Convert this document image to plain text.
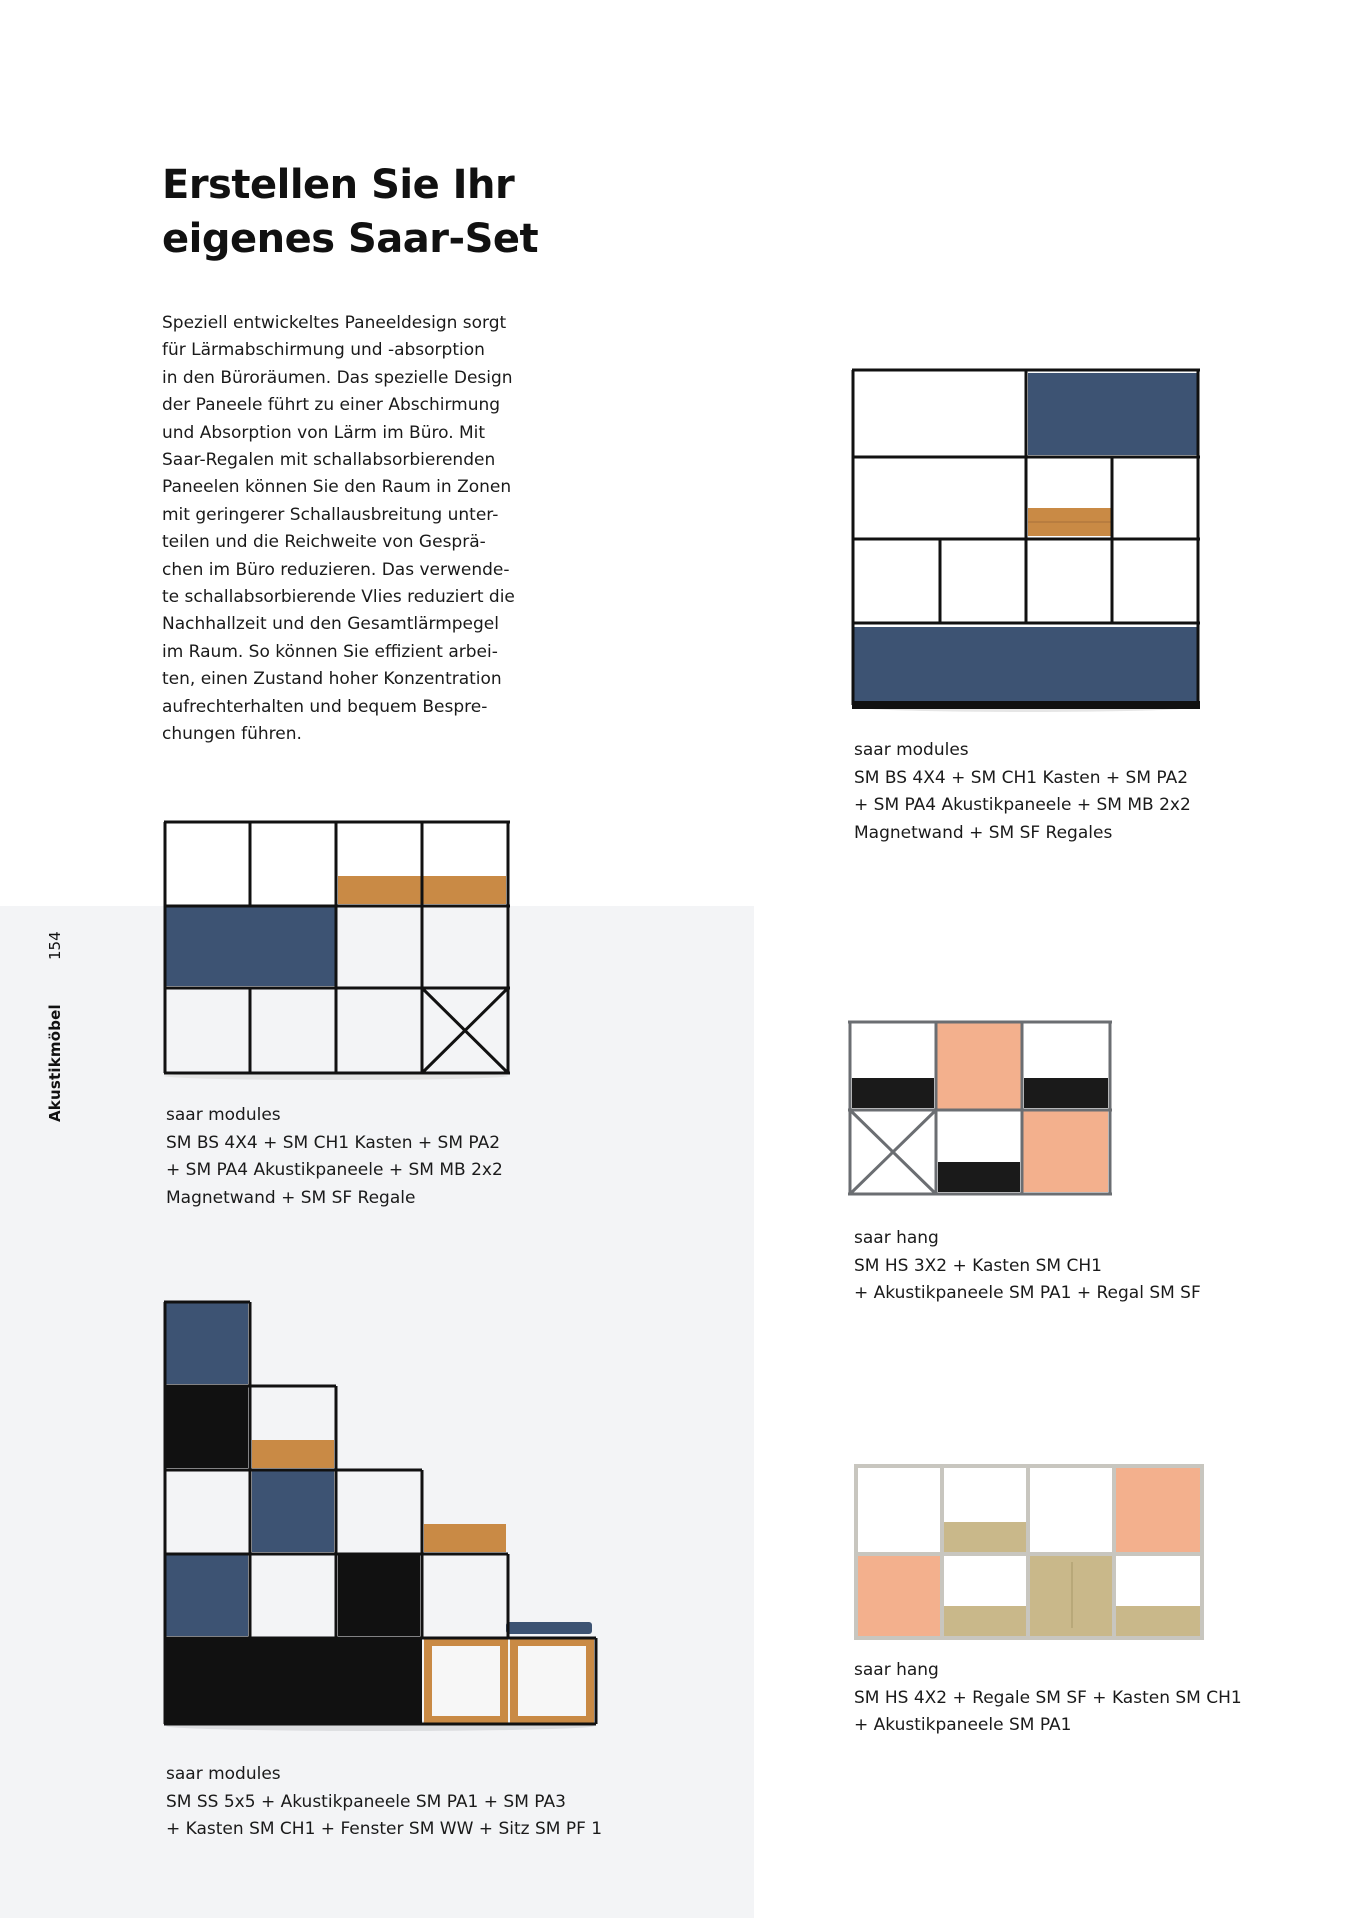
Erstellen Sie Ihr
eigenes Saar-Set
Speziell entwickeltes Paneeldesign sorgt
für Lärmabschirmung und -absorption
in den Büroräumen. Das spezielle Design
der Paneele führt zu einer Abschirmung
und Absorption von Lärm im Büro. Mit
Saar-Regalen mit schallabsorbierenden
Paneelen können Sie den Raum in Zonen
mit geringerer Schallausbreitung unter-
teilen und die Reichweite von Gesprä-
chen im Büro reduzieren. Das verwende-
te schallabsorbierende Vlies reduziert die
Nachhallzeit und den Gesamtlärmpegel
im Raum. So können Sie effizient arbei-
ten, einen Zustand hoher Konzentration
aufrechterhalten und bequem Bespre-
chungen führen.
154
Akustikmöbel
saar modules
SM BS 4X4 + SM CH1 Kasten + SM PA2
+ SM PA4 Akustikpaneele + SM MB 2x2
Magnetwand + SM SF Regales
saar modules
SM BS 4X4 + SM CH1 Kasten + SM PA2
+ SM PA4 Akustikpaneele + SM MB 2x2
Magnetwand + SM SF Regale
saar hang
SM HS 3X2 + Kasten SM CH1
+ Akustikpaneele SM PA1 + Regal SM SF
saar modules
SM SS 5x5 + Akustikpaneele SM PA1 + SM PA3
+ Kasten SM CH1 + Fenster SM WW + Sitz SM PF 1
saar hang
SM HS 4X2 + Regale SM SF + Kasten SM CH1
+ Akustikpaneele SM PA1
